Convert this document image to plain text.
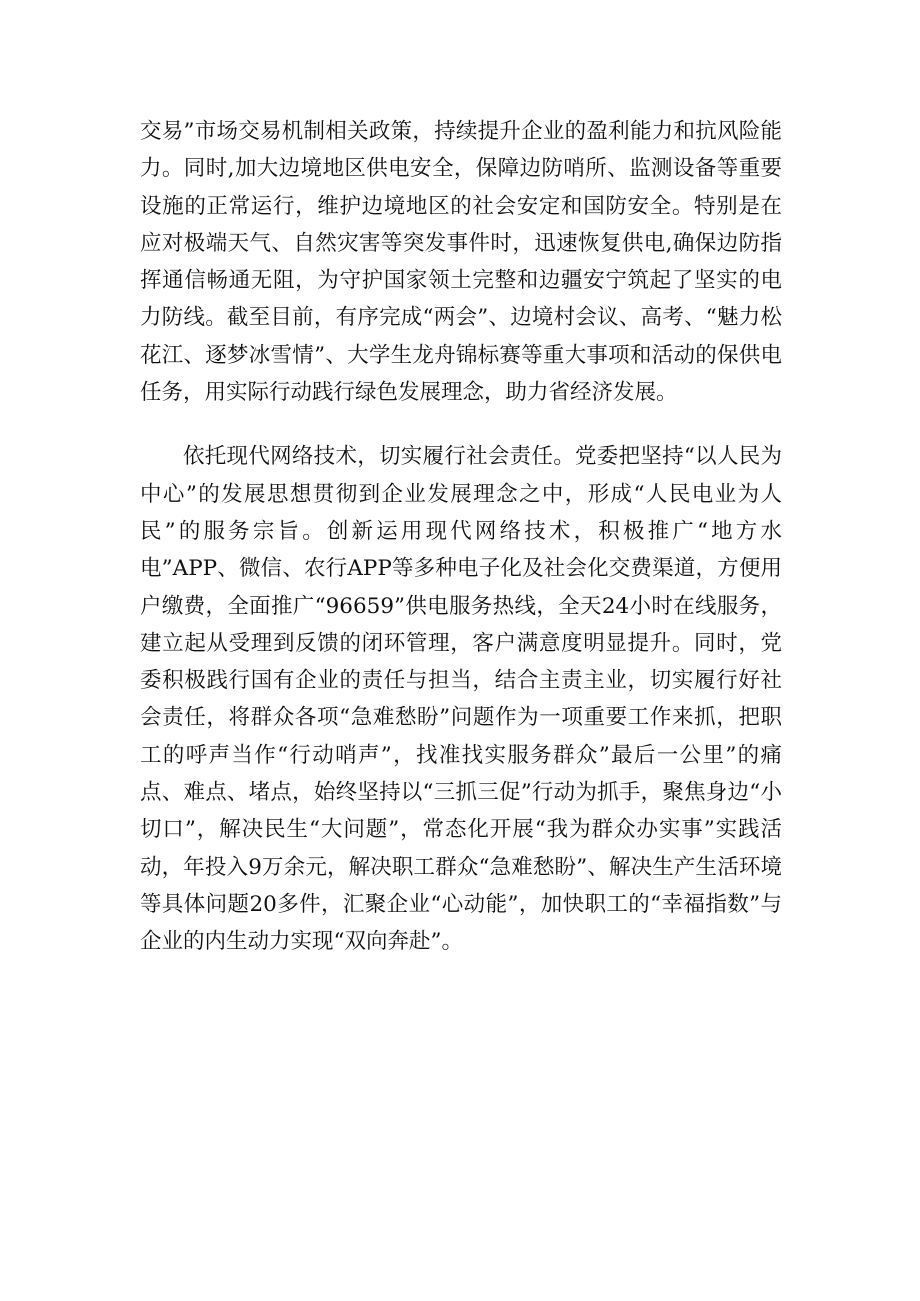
交易”市场交易机制相关政策，持续提升企业的盈利能力和抗风险能力。同时,加大边境地区供电安全，保障边防哨所、监测设备等重要设施的正常运行，维护边境地区的社会安定和国防安全。特别是在应对极端天气、自然灾害等突发事件时，迅速恢复供电,确保边防指挥通信畅通无阻，为守护国家领土完整和边疆安宁筑起了坚实的电力防线。截至目前，有序完成“两会”、边境村会议、高考、“魅力松花江、逐梦冰雪情”、大学生龙舟锦标赛等重大事项和活动的保供电任务，用实际行动践行绿色发展理念，助力省经济发展。

依托现代网络技术，切实履行社会责任。党委把坚持“以人民为中心”的发展思想贯彻到企业发展理念之中，形成“人民电业为人民”的服务宗旨。创新运用现代网络技术，积极推广“地方水电”APP、微信、农行APP等多种电子化及社会化交费渠道，方便用户缴费，全面推广“96659”供电服务热线，全天24小时在线服务，建立起从受理到反馈的闭环管理，客户满意度明显提升。同时，党委积极践行国有企业的责任与担当，结合主责主业，切实履行好社会责任，将群众各项“急难愁盼”问题作为一项重要工作来抓，把职工的呼声当作“行动哨声”，找准找实服务群众”最后一公里”的痛点、难点、堵点，始终坚持以“三抓三促”行动为抓手，聚焦身边“小切口”，解决民生“大问题”，常态化开展“我为群众办实事”实践活动，年投入9万余元，解决职工群众“急难愁盼”、解决生产生活环境等具体问题20多件，汇聚企业“心动能”，加快职工的“幸福指数”与企业的内生动力实现“双向奔赴”。
